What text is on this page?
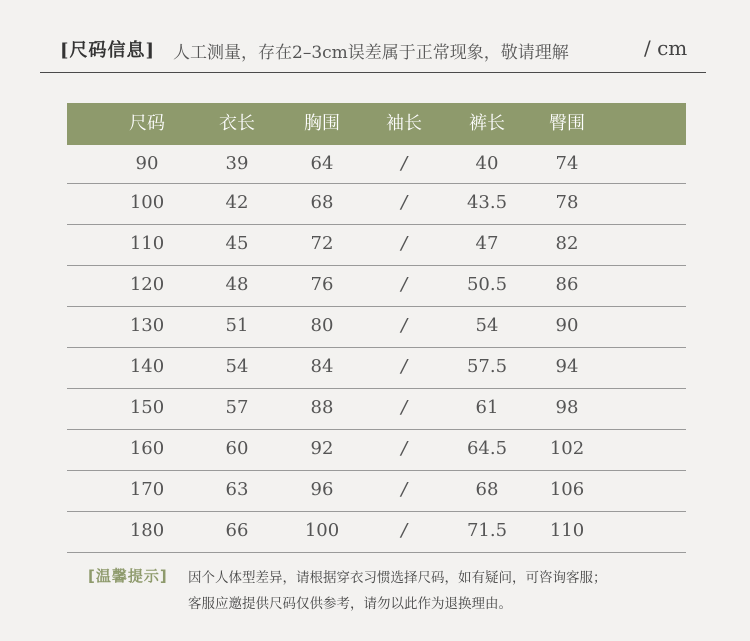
[尺码信息] 人工测量，存在2–3cm误差属于正常现象，敬请理解	/ cm
尺码	衣长	胸围	袖长	裤长	臀围
90	39	64	/	40	74
100	42	68	/	43.5	78
110	45	72	/	47	82
120	48	76	/	50.5	86
130	51	80	/	54	90
140	54	84	/	57.5	94
150	57	88	/	61	98
160	60	92	/	64.5	102
170	63	96	/	68	106
180	66	100	/	71.5	110
[温馨提示] 因个人体型差异，请根据穿衣习惯选择尺码，如有疑问，可咨询客服；
客服应邀提供尺码仅供参考，请勿以此作为退换理由。
